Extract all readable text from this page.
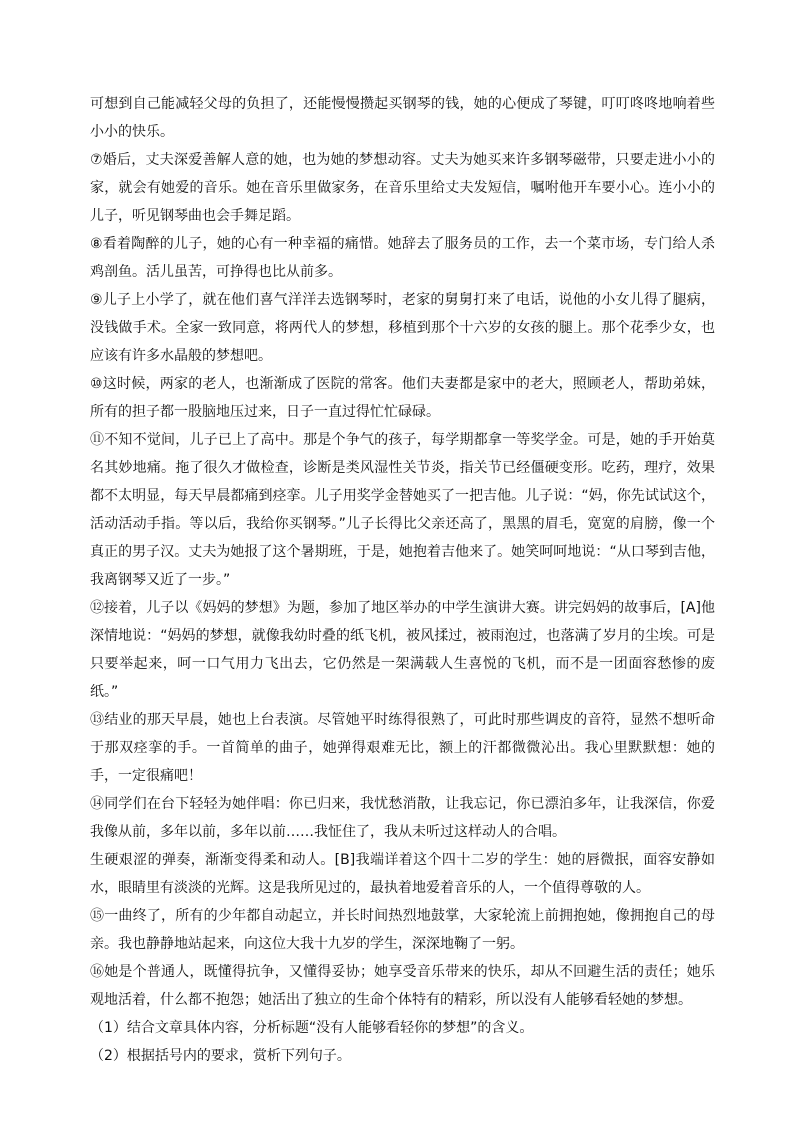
可想到自己能减轻父母的负担了，还能慢慢攒起买钢琴的钱，她的心便成了琴键，叮叮咚咚地响着些小小的快乐。

⑦婚后，丈夫深爱善解人意的她，也为她的梦想动容。丈夫为她买来许多钢琴磁带，只要走进小小的家，就会有她爱的音乐。她在音乐里做家务，在音乐里给丈夫发短信，嘱咐他开车要小心。连小小的儿子，听见钢琴曲也会手舞足蹈。

⑧看着陶醉的儿子，她的心有一种幸福的痛惜。她辞去了服务员的工作，去一个菜市场，专门给人杀鸡剖鱼。活儿虽苦，可挣得也比从前多。

⑨儿子上小学了，就在他们喜气洋洋去选钢琴时，老家的舅舅打来了电话，说他的小女儿得了腿病，没钱做手术。全家一致同意，将两代人的梦想，移植到那个十六岁的女孩的腿上。那个花季少女，也应该有许多水晶般的梦想吧。

⑩这时候，两家的老人，也渐渐成了医院的常客。他们夫妻都是家中的老大，照顾老人，帮助弟妹，所有的担子都一股脑地压过来，日子一直过得忙忙碌碌。

⑪不知不觉间，儿子已上了高中。那是个争气的孩子，每学期都拿一等奖学金。可是，她的手开始莫名其妙地痛。拖了很久才做检查，诊断是类风湿性关节炎，指关节已经僵硬变形。吃药，理疗，效果都不太明显，每天早晨都痛到痉挛。儿子用奖学金替她买了一把吉他。儿子说：“妈，你先试试这个，活动活动手指。等以后，我给你买钢琴。”儿子长得比父亲还高了，黑黑的眉毛，宽宽的肩膀，像一个真正的男子汉。丈夫为她报了这个暑期班，于是，她抱着吉他来了。她笑呵呵地说：“从口琴到吉他，我离钢琴又近了一步。”

⑫接着，儿子以《妈妈的梦想》为题，参加了地区举办的中学生演讲大赛。讲完妈妈的故事后，[A]他深情地说：“妈妈的梦想，就像我幼时叠的纸飞机，被风揉过，被雨泡过，也落满了岁月的尘埃。可是只要举起来，呵一口气用力飞出去，它仍然是一架满载人生喜悦的飞机，而不是一团面容愁惨的废纸。”

⑬结业的那天早晨，她也上台表演。尽管她平时练得很熟了，可此时那些调皮的音符，显然不想听命于那双痉挛的手。一首简单的曲子，她弹得艰难无比，额上的汗都微微沁出。我心里默默想：她的手，一定很痛吧！

⑭同学们在台下轻轻为她伴唱：你已归来，我忧愁消散，让我忘记，你已漂泊多年，让我深信，你爱我像从前，多年以前，多年以前……我怔住了，我从未听过这样动人的合唱。

生硬艰涩的弹奏，渐渐变得柔和动人。[B]我端详着这个四十二岁的学生：她的唇微抿，面容安静如水，眼睛里有淡淡的光辉。这是我所见过的，最执着地爱着音乐的人，一个值得尊敬的人。

⑮一曲终了，所有的少年都自动起立，并长时间热烈地鼓掌，大家轮流上前拥抱她，像拥抱自己的母亲。我也静静地站起来，向这位大我十九岁的学生，深深地鞠了一躬。

⑯她是个普通人，既懂得抗争，又懂得妥协；她享受音乐带来的快乐，却从不回避生活的责任；她乐观地活着，什么都不抱怨；她活出了独立的生命个体特有的精彩，所以没有人能够看轻她的梦想。

（1）结合文章具体内容，分析标题“没有人能够看轻你的梦想”的含义。

（2）根据括号内的要求，赏析下列句子。
